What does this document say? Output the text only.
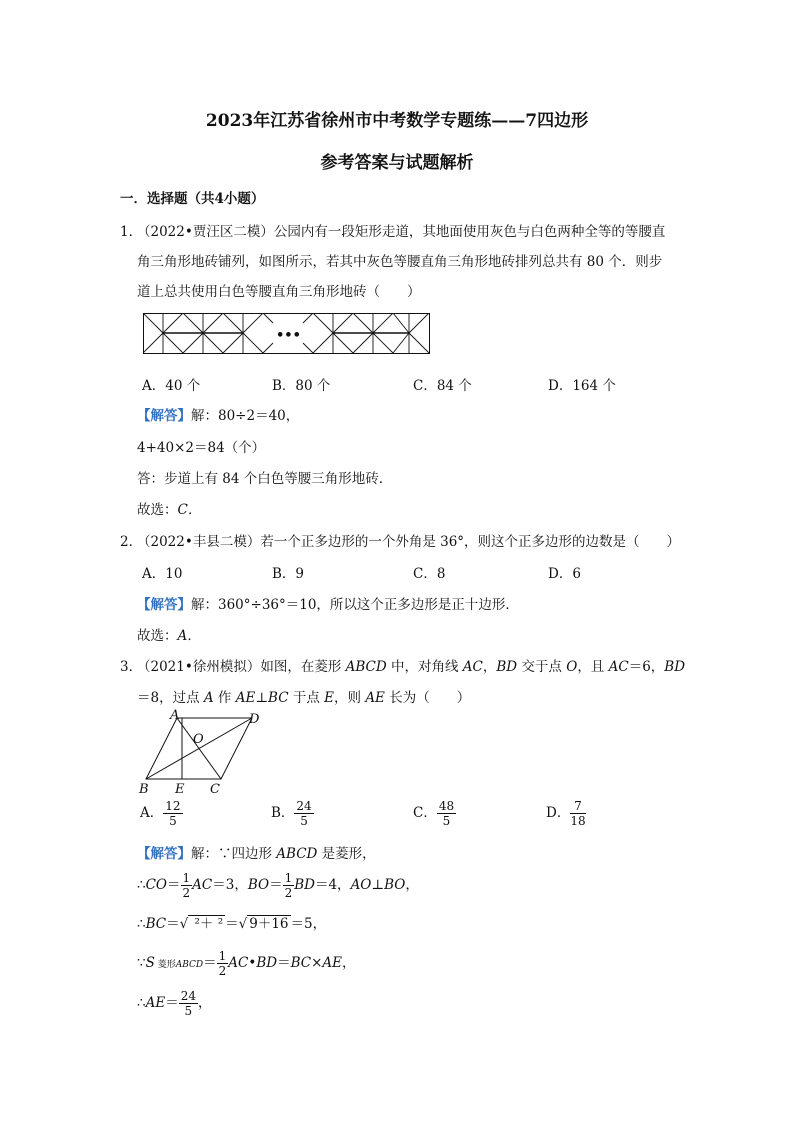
2023年江苏省徐州市中考数学专题练——7四边形
参考答案与试题解析
一．选择题（共4小题）
1．
（2022•贾汪区二模）公园内有一段矩形走道，其地面使用灰色与白色两种全等的等腰直
角三角形地砖铺列，如图所示，若其中灰色等腰直角三角形地砖排列总共有 80 个．则步
道上总共使用白色等腰直角三角形地砖（　　）
•••
A．40 个	B．80 个	C．84 个	D．164 个
【解答】解：80÷2＝40，
4+40×2＝84（个）
答：步道上有 84 个白色等腰三角形地砖．
故选：C．
2．
（2022•丰县二模）若一个正多边形的一个外角是 36°，则这个正多边形的边数是（　　）
A．10	B．9	C．8	D．6
【解答】解：360°÷36°＝10，所以这个正多边形是正十边形．
故选：A．
3．
（2021•徐州模拟）如图，在菱形 ABCD 中，对角线 AC，BD 交于点 O，且 AC＝6，BD
＝8，过点 A 作 AE⊥BC 于点 E，则 AE 长为（　　）
A	D
O
B E C
A． $\frac{12}{5}$	B． $\frac{24}{5}$	C． $\frac{48}{5}$	D． $\frac{7}{18}$
【解答】解：∵四边形 ABCD 是菱形，
∴CO＝ $\frac{1}{2} AC=3$，$BO= \frac{1}{2} BD=4$，AO⊥BO，
∴BC＝√ ²＋ ² ＝√ 9＋16 ＝5，
∵S 菱形ABCD＝ $\frac{1}{2}$ AC•BD＝BC×AE，
∴AE＝ $\frac{24}{5}$ ，
